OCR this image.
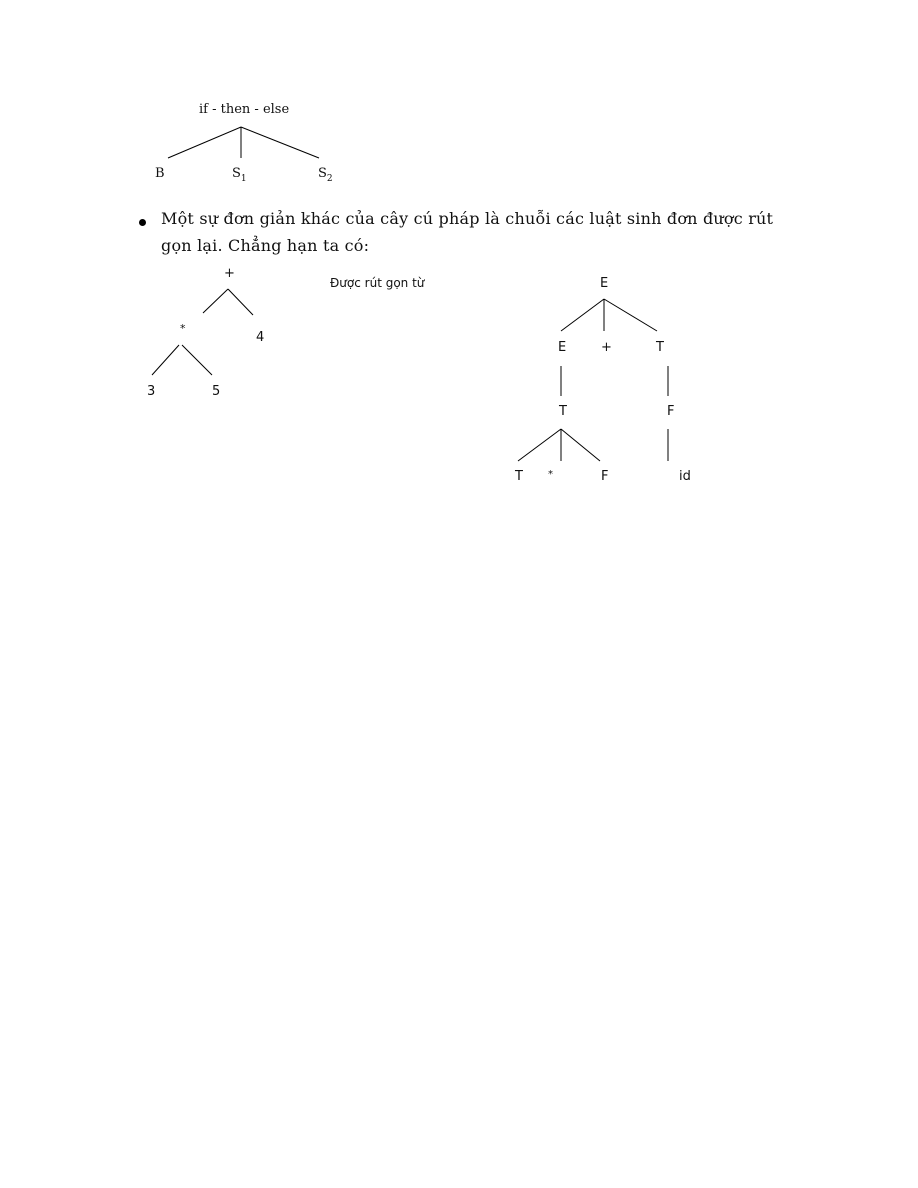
if - then - else
B	$S_1$	$S_2$

Một sự đơn giản khác của cây cú pháp là chuỗi các luật sinh đơn được rút

gọn lại. Chẳng hạn ta có:

+
*
4
3	5
Được rút gọn từ	E
E	+	T
T	F
T	*	F	id
